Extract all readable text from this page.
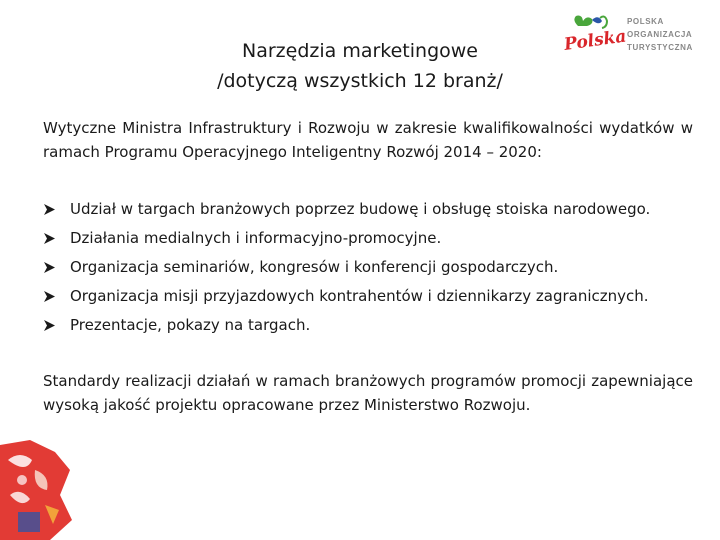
Narzędzia marketingowe
/dotyczą wszystkich 12 branż/
Polska
POLSKA
ORGANIZACJA
TURYSTYCZNA
Wytyczne Ministra Infrastruktury i Rozwoju w zakresie kwalifikowalności wydatków w ramach Programu Operacyjnego Inteligentny Rozwój 2014 – 2020:
Udział w targach branżowych poprzez budowę i obsługę stoiska narodowego.
Działania medialnych i informacyjno-promocyjne.
Organizacja seminariów, kongresów i konferencji gospodarczych.
Organizacja misji przyjazdowych kontrahentów i dziennikarzy zagranicznych.
Prezentacje, pokazy na targach.
Standardy realizacji działań w ramach branżowych programów promocji zapewniające wysoką jakość projektu opracowane przez Ministerstwo Rozwoju.
